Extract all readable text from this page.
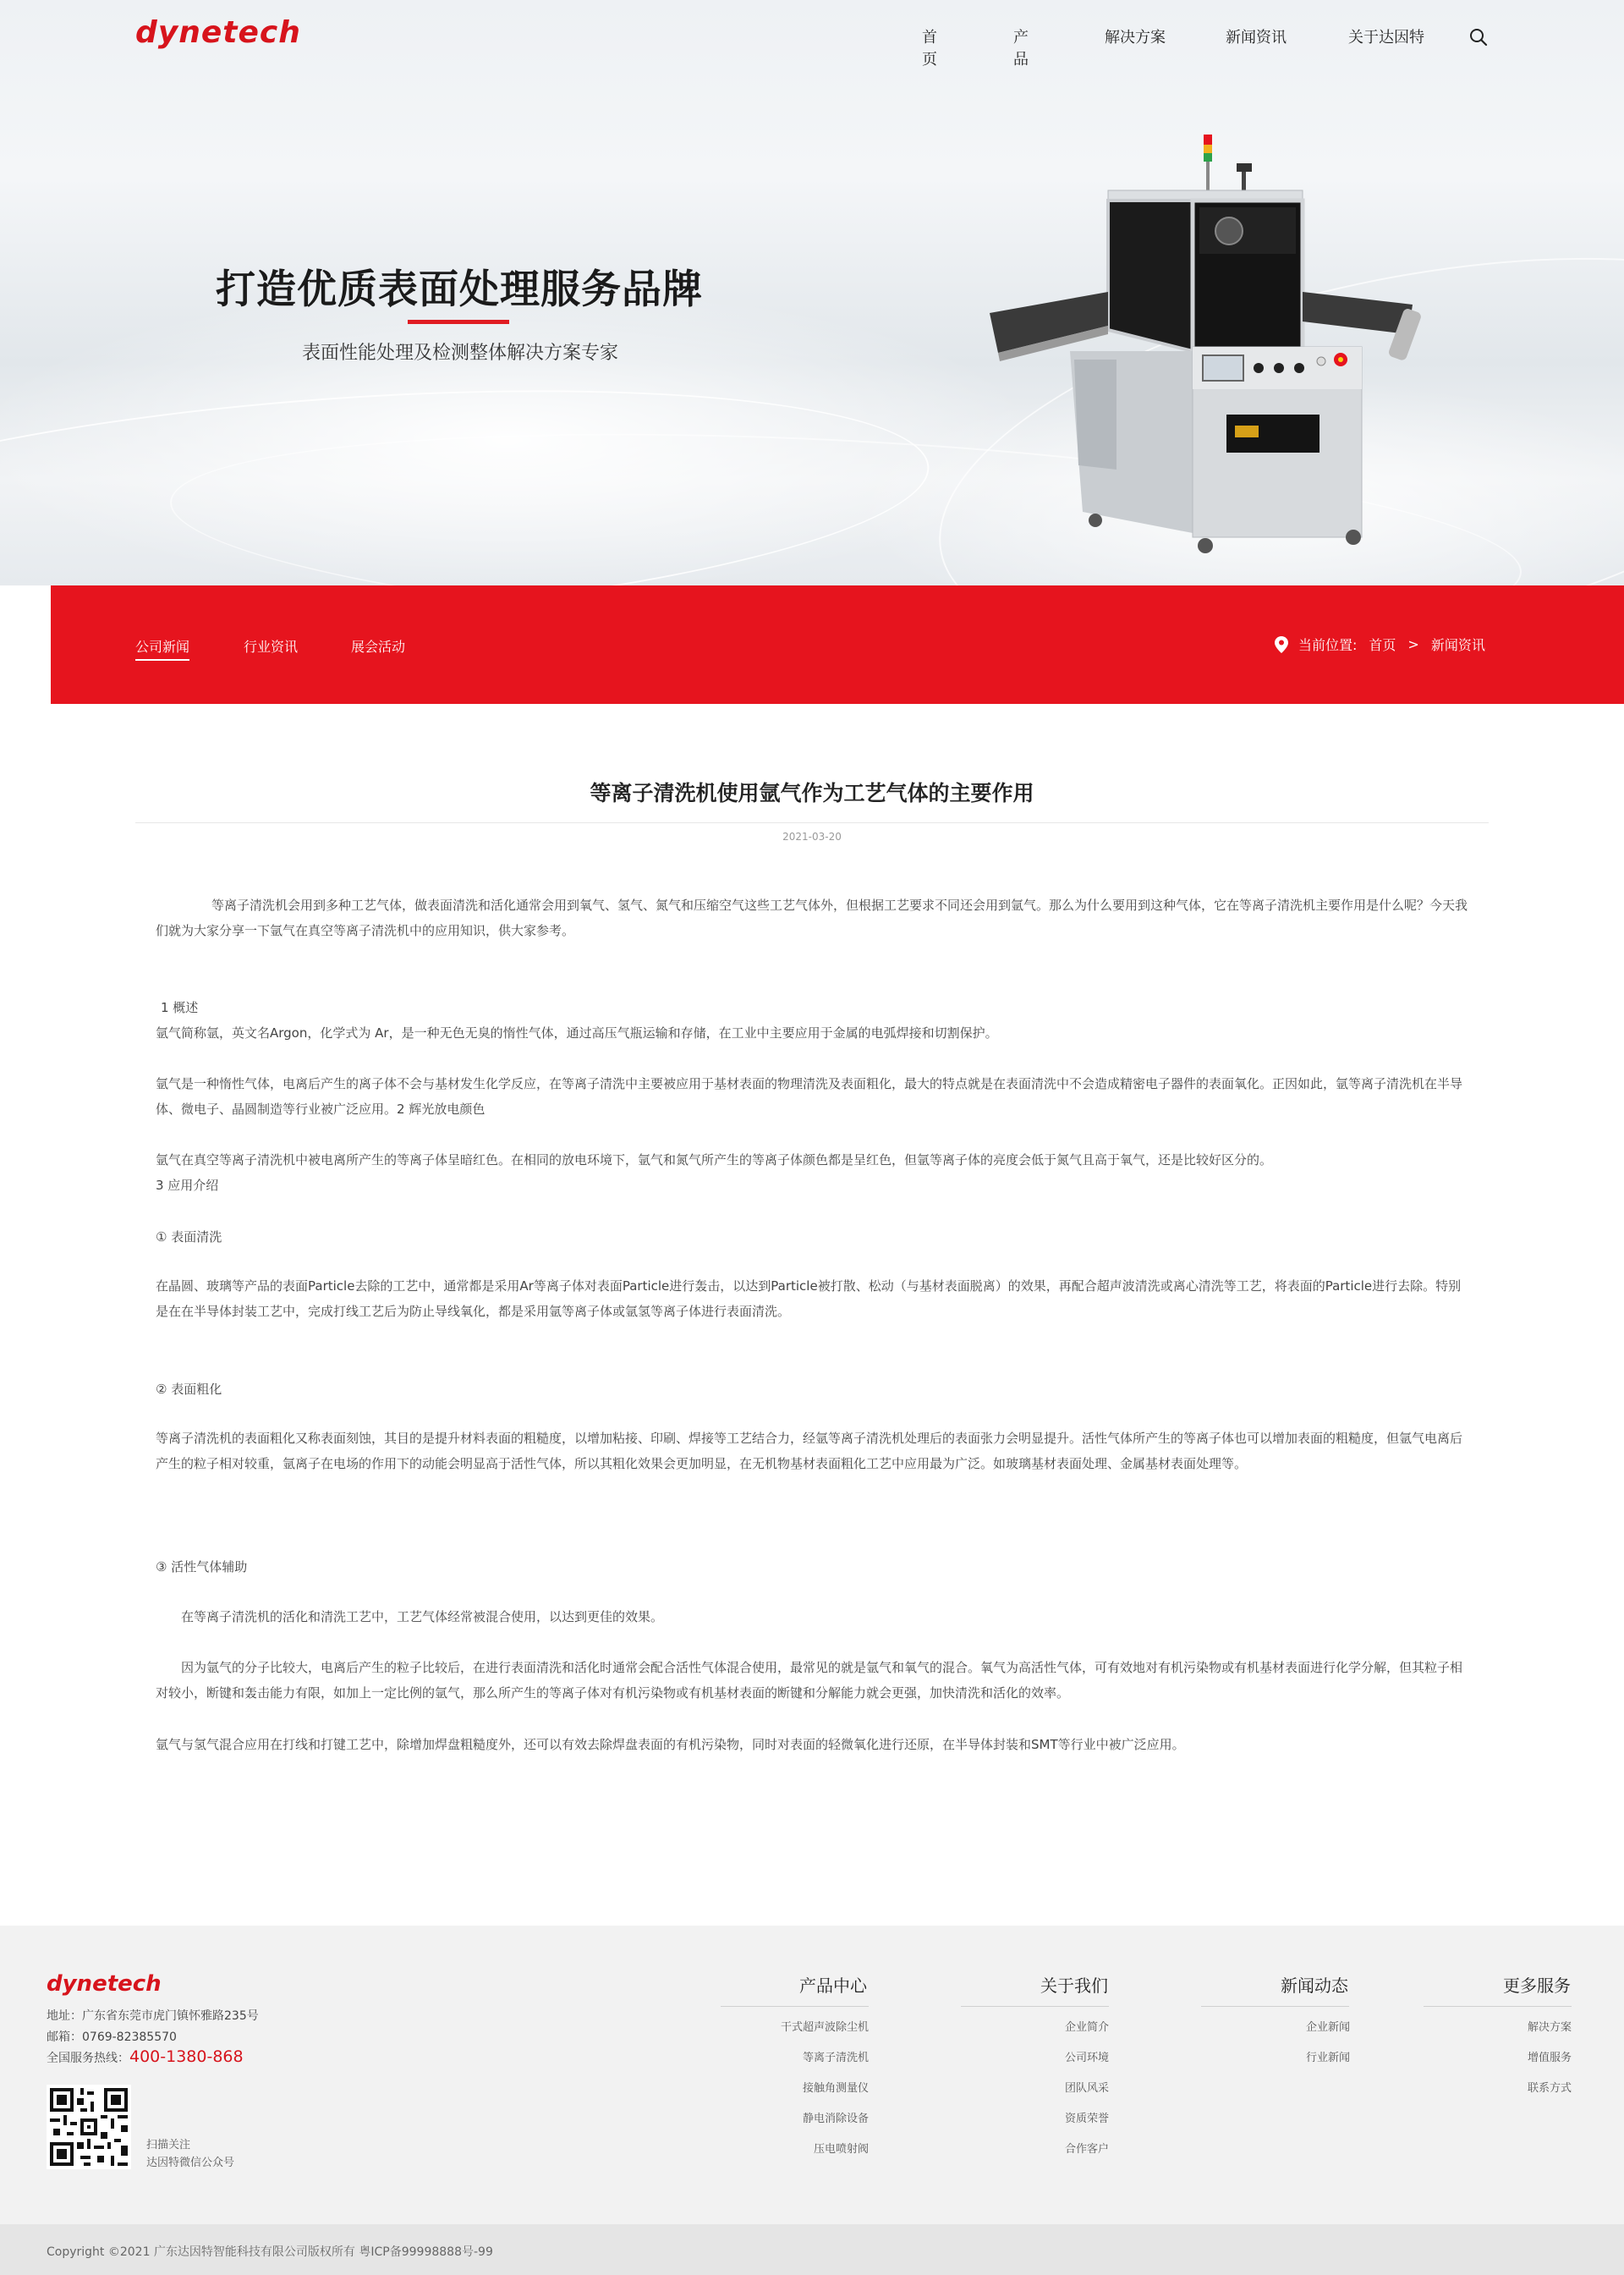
dynetech	首页
产品
解决方案	新闻资讯	关于达因特
打造优质表面处理服务品牌
表面性能处理及检测整体解决方案专家
公司新闻	行业资讯	展会活动	当前位置: 首页 > 新闻资讯
等离子清洗机使用氩气作为工艺气体的主要作用
2021-03-20

等离子清洗机会用到多种工艺气体，做表面清洗和活化通常会用到氧气、氢气、氮气和压缩空气这些工艺气体外，但根据工艺要求不同还会用到氩气。那么为什么要用到这种气体，它在等离子清洗机主要作用是什么呢？今天我们就为大家分享一下氩气在真空等离子清洗机中的应用知识，供大家参考。

1 概述

氩气简称氩，英文名Argon，化学式为 Ar，是一种无色无臭的惰性气体，通过高压气瓶运输和存储，在工业中主要应用于金属的电弧焊接和切割保护。

氩气是一种惰性气体，电离后产生的离子体不会与基材发生化学反应，在等离子清洗中主要被应用于基材表面的物理清洗及表面粗化，最大的特点就是在表面清洗中不会造成精密电子器件的表面氧化。正因如此，氩等离子清洗机在半导体、微电子、晶圆制造等行业被广泛应用。2 辉光放电颜色

氩气在真空等离子清洗机中被电离所产生的等离子体呈暗红色。在相同的放电环境下，氩气和氮气所产生的等离子体颜色都是呈红色，但氩等离子体的亮度会低于氮气且高于氧气，还是比较好区分的。

3 应用介绍

① 表面清洗

在晶圆、玻璃等产品的表面Particle去除的工艺中，通常都是采用Ar等离子体对表面Particle进行轰击，以达到Particle被打散、松动（与基材表面脱离）的效果，再配合超声波清洗或离心清洗等工艺，将表面的Particle进行去除。特别是在在半导体封装工艺中，完成打线工艺后为防止导线氧化，都是采用氩等离子体或氩氢等离子体进行表面清洗。

② 表面粗化

等离子清洗机的表面粗化又称表面刻蚀，其目的是提升材料表面的粗糙度，以增加粘接、印刷、焊接等工艺结合力，经氩等离子清洗机处理后的表面张力会明显提升。活性气体所产生的等离子体也可以增加表面的粗糙度，但氩气电离后产生的粒子相对较重，氩离子在电场的作用下的动能会明显高于活性气体，所以其粗化效果会更加明显，在无机物基材表面粗化工艺中应用最为广泛。如玻璃基材表面处理、金属基材表面处理等。

③ 活性气体辅助

在等离子清洗机的活化和清洗工艺中，工艺气体经常被混合使用，以达到更佳的效果。

因为氩气的分子比较大，电离后产生的粒子比较后，在进行表面清洗和活化时通常会配合活性气体混合使用，最常见的就是氩气和氧气的混合。氧气为高活性气体，可有效地对有机污染物或有机基材表面进行化学分解，但其粒子相对较小，断键和轰击能力有限，如加上一定比例的氩气，那么所产生的等离子体对有机污染物或有机基材表面的断键和分解能力就会更强，加快清洗和活化的效率。

氩气与氢气混合应用在打线和打键工艺中，除增加焊盘粗糙度外，还可以有效去除焊盘表面的有机污染物，同时对表面的轻微氧化进行还原，在半导体封装和SMT等行业中被广泛应用。

dynetech
地址：广东省东莞市虎门镇怀雅路235号
邮箱：0769-82385570
全国服务热线：400-1380-868
扫描关注
达因特微信公众号
产品中心
干式超声波除尘机
等离子清洗机
接触角测量仪
静电消除设备
压电喷射阀
关于我们
企业简介
公司环境
团队风采
资质荣誉
合作客户
新闻动态
企业新闻
行业新闻
更多服务
解决方案
增值服务
联系方式
Copyright ©2021 广东达因特智能科技有限公司版权所有 粤ICP备99998888号-99
